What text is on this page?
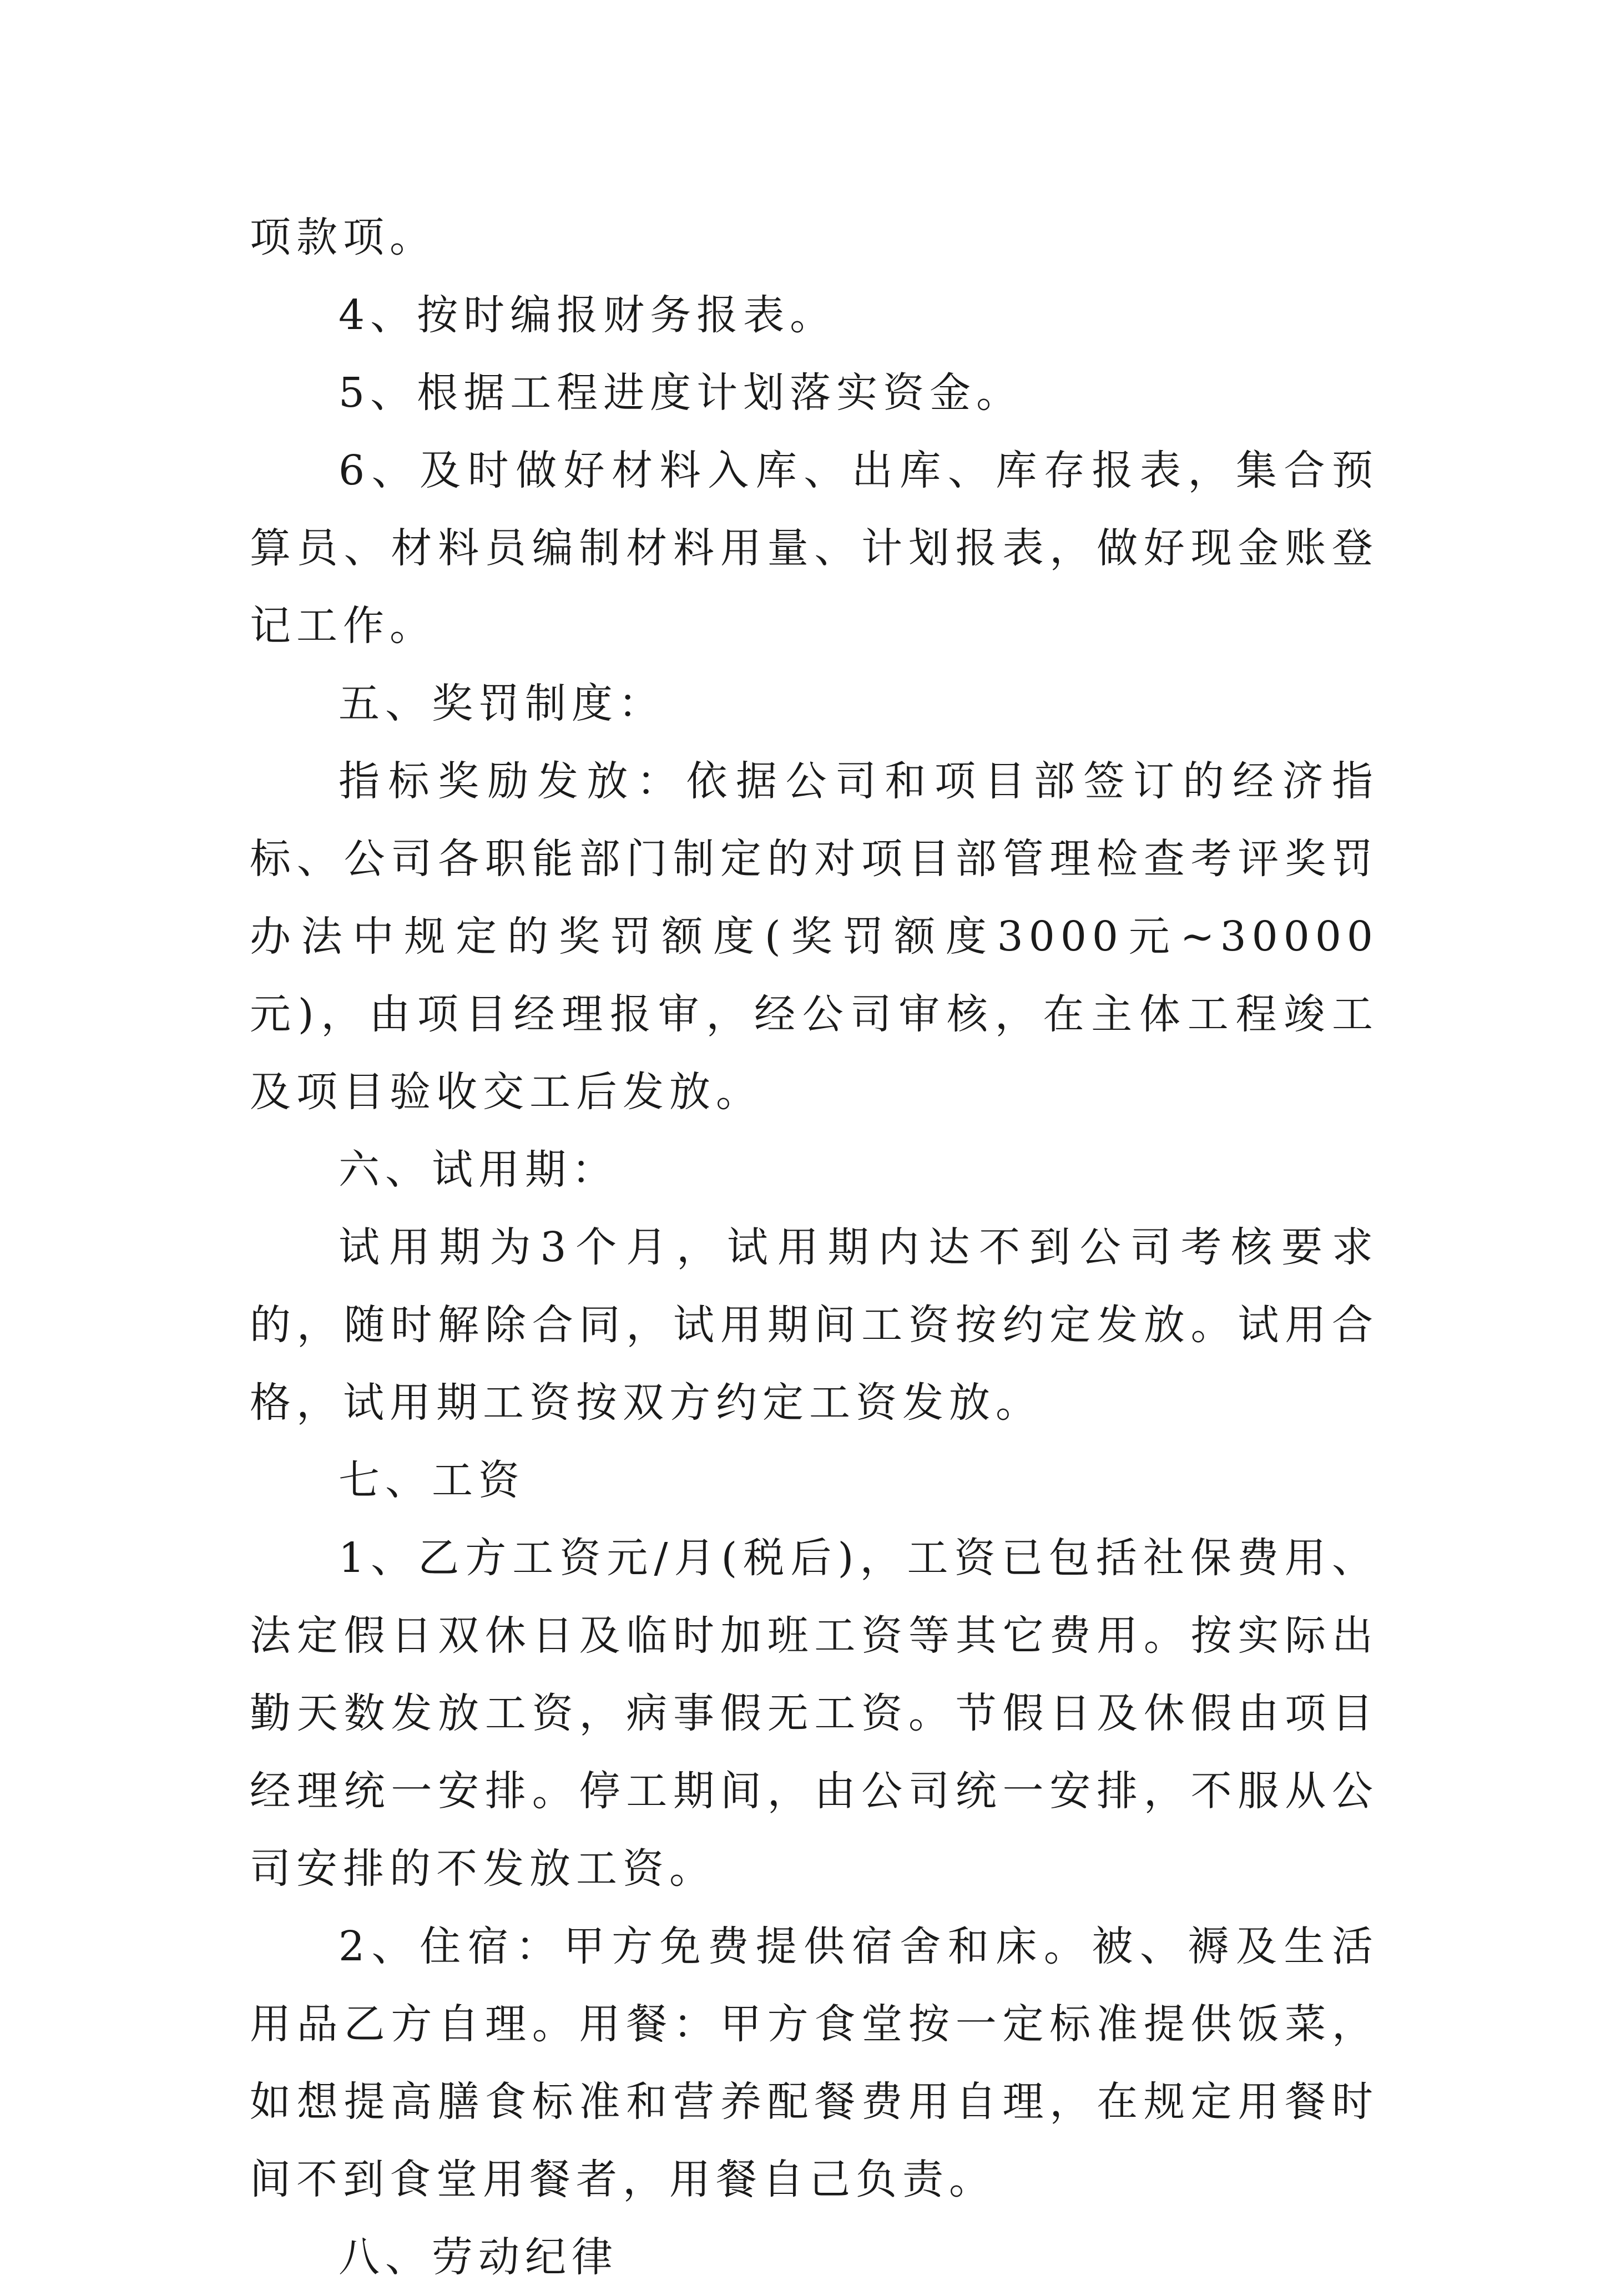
项款项。

4、按时编报财务报表。

5、根据工程进度计划落实资金。

6、及时做好材料入库、出库、库存报表，集合预算员、材料员编制材料用量、计划报表，做好现金账登记工作。

五、奖罚制度：

指标奖励发放：依据公司和项目部签订的经济指标、公司各职能部门制定的对项目部管理检查考评奖罚办法中规定的奖罚额度(奖罚额度3000元~30000元)，由项目经理报审，经公司审核，在主体工程竣工及项目验收交工后发放。

六、试用期：

试用期为3个月，试用期内达不到公司考核要求的，随时解除合同，试用期间工资按约定发放。试用合格，试用期工资按双方约定工资发放。

七、工资

1、乙方工资元/月(税后)，工资已包括社保费用、法定假日双休日及临时加班工资等其它费用。按实际出勤天数发放工资，病事假无工资。节假日及休假由项目经理统一安排。停工期间，由公司统一安排，不服从公司安排的不发放工资。

2、住宿：甲方免费提供宿舍和床。被、褥及生活用品乙方自理。用餐：甲方食堂按一定标准提供饭菜，如想提高膳食标准和营养配餐费用自理，在规定用餐时间不到食堂用餐者，用餐自己负责。

八、劳动纪律
